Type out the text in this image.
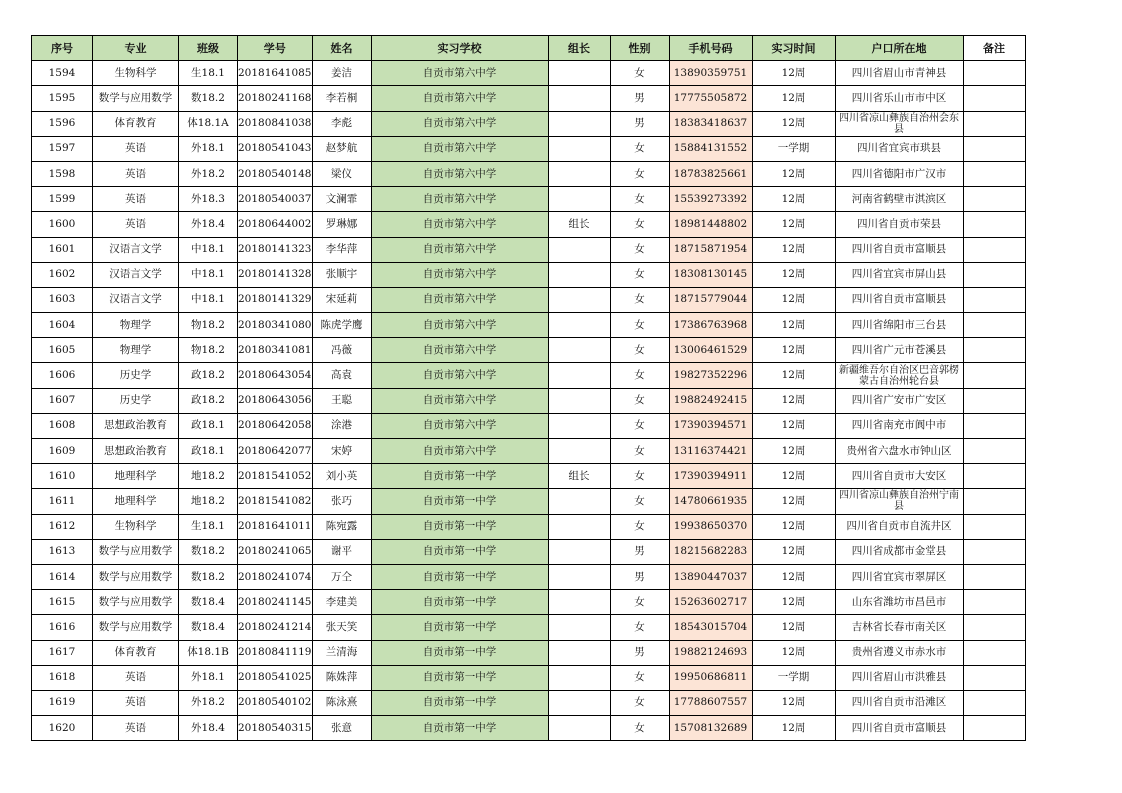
序号	专业	班级	学号	姓名	实习学校	组长	性别	手机号码	实习时间	户口所在地	备注
1594	生物科学	生18.1	20181641085	姜洁	自贡市第六中学		女	13890359751	12周	四川省眉山市青神县	
1595	数学与应用数学	数18.2	20180241168	李若桐	自贡市第六中学		男	17775505872	12周	四川省乐山市市中区	
1596	体育教育	体18.1A	20180841038	李彪	自贡市第六中学		男	18383418637	12周	四川省凉山彝族自治州会东县	
1597	英语	外18.1	20180541043	赵梦航	自贡市第六中学		女	15884131552	一学期	四川省宜宾市珙县	
1598	英语	外18.2	20180540148	梁仪	自贡市第六中学		女	18783825661	12周	四川省德阳市广汉市	
1599	英语	外18.3	20180540037	文澜霏	自贡市第六中学		女	15539273392	12周	河南省鹤壁市淇滨区	
1600	英语	外18.4	20180644002	罗琳娜	自贡市第六中学	组长	女	18981448802	12周	四川省自贡市荣县	
1601	汉语言文学	中18.1	20180141323	李华萍	自贡市第六中学		女	18715871954	12周	四川省自贡市富顺县	
1602	汉语言文学	中18.1	20180141328	张顺宇	自贡市第六中学		女	18308130145	12周	四川省宜宾市屏山县	
1603	汉语言文学	中18.1	20180141329	宋延莉	自贡市第六中学		女	18715779044	12周	四川省自贡市富顺县	
1604	物理学	物18.2	20180341080	陈虎学鹰	自贡市第六中学		女	17386763968	12周	四川省绵阳市三台县	
1605	物理学	物18.2	20180341081	冯薇	自贡市第六中学		女	13006461529	12周	四川省广元市苍溪县	
1606	历史学	政18.2	20180643054	高袁	自贡市第六中学		女	19827352296	12周	新疆维吾尔自治区巴音郭楞蒙古自治州轮台县	
1607	历史学	政18.2	20180643056	王聪	自贡市第六中学		女	19882492415	12周	四川省广安市广安区	
1608	思想政治教育	政18.1	20180642058	涂港	自贡市第六中学		女	17390394571	12周	四川省南充市阆中市	
1609	思想政治教育	政18.1	20180642077	宋婷	自贡市第六中学		女	13116374421	12周	贵州省六盘水市钟山区	
1610	地理科学	地18.2	20181541052	刘小英	自贡市第一中学	组长	女	17390394911	12周	四川省自贡市大安区	
1611	地理科学	地18.2	20181541082	张巧	自贡市第一中学		女	14780661935	12周	四川省凉山彝族自治州宁南县	
1612	生物科学	生18.1	20181641011	陈宛露	自贡市第一中学		女	19938650370	12周	四川省自贡市自流井区	
1613	数学与应用数学	数18.2	20180241065	谢平	自贡市第一中学		男	18215682283	12周	四川省成都市金堂县	
1614	数学与应用数学	数18.2	20180241074	万仝	自贡市第一中学		男	13890447037	12周	四川省宜宾市翠屏区	
1615	数学与应用数学	数18.4	20180241145	李建美	自贡市第一中学		女	15263602717	12周	山东省潍坊市昌邑市	
1616	数学与应用数学	数18.4	20180241214	张天笑	自贡市第一中学		女	18543015704	12周	吉林省长春市南关区	
1617	体育教育	体18.1B	20180841119	兰清海	自贡市第一中学		男	19882124693	12周	贵州省遵义市赤水市	
1618	英语	外18.1	20180541025	陈姝萍	自贡市第一中学		女	19950686811	一学期	四川省眉山市洪雅县	
1619	英语	外18.2	20180540102	陈泳熹	自贡市第一中学		女	17788607557	12周	四川省自贡市沿滩区	
1620	英语	外18.4	20180540315	张意	自贡市第一中学		女	15708132689	12周	四川省自贡市富顺县	
